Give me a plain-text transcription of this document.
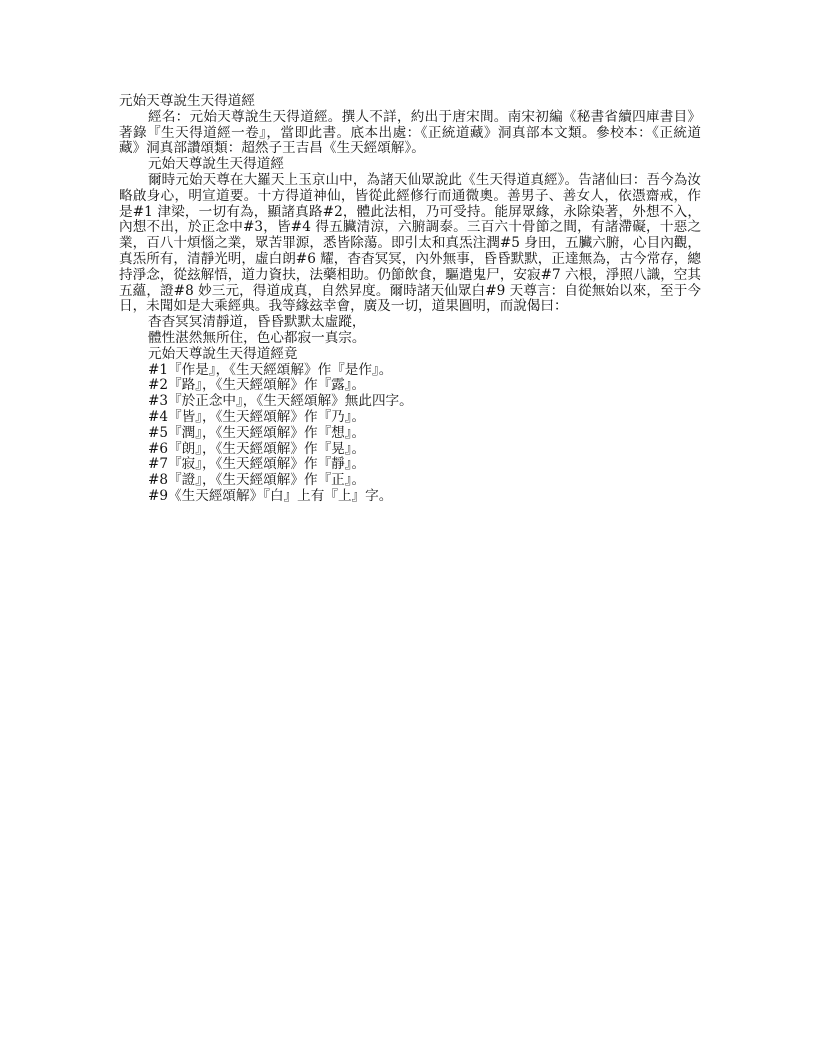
元始天尊說生天得道經

經名：元始天尊說生天得道經。撰人不詳，約出于唐宋間。南宋初編《秘書省續四庫書目》著錄『生天得道經一卷』，當即此書。底本出處：《正統道藏》洞真部本文類。參校本：《正統道藏》洞真部讚頌類：超然子王吉昌《生天經頌解》。

元始天尊說生天得道經

爾時元始天尊在大羅天上玉京山中，為諸天仙眾說此《生天得道真經》。告諸仙曰：吾今為汝略啟身心，明宣道要。十方得道神仙，皆從此經修行而通微奧。善男子、善女人，依憑齋戒，作是#1 津梁，一切有為，顯諸真路#2，體此法相，乃可受持。能屏眾緣，永除染著，外想不入，內想不出，於正念中#3，皆#4 得五臟清涼，六腑調泰。三百六十骨節之間，有諸滯礙，十惡之業，百八十煩惱之業，眾苦罪源，悉皆除蕩。即引太和真炁注潤#5 身田，五臟六腑，心目內觀，真炁所有，清靜光明，虛白朗#6 耀，杳杳冥冥，內外無事，昏昏默默，正達無為，古今常存，總持淨念，從玆解悟，道力資扶，法藥相助。仍節飲食，驅遣鬼尸，安寂#7 六根，淨照八識，空其五蘊，證#8 妙三元，得道成真，自然昇度。爾時諸天仙眾白#9 天尊言：自從無始以來，至于今日，未聞如是大乘經典。我等緣玆幸會，廣及一切，道果圓明，而說偈曰：

杳杳冥冥清靜道，昏昏默默太虛蹤，

體性湛然無所住，色心都寂一真宗。

元始天尊說生天得道經竟

#1『作是』，《生天經頌解》作『是作』。

#2『路』，《生天經頌解》作『露』。

#3『於正念中』，《生天經頌解》無此四字。

#4『皆』，《生天經頌解》作『乃』。

#5『潤』，《生天經頌解》作『想』。

#6『朗』，《生天經頌解》作『晃』。

#7『寂』，《生天經頌解》作『靜』。

#8『證』，《生天經頌解》作『正』。

#9《生天經頌解》『白』上有『上』字。
